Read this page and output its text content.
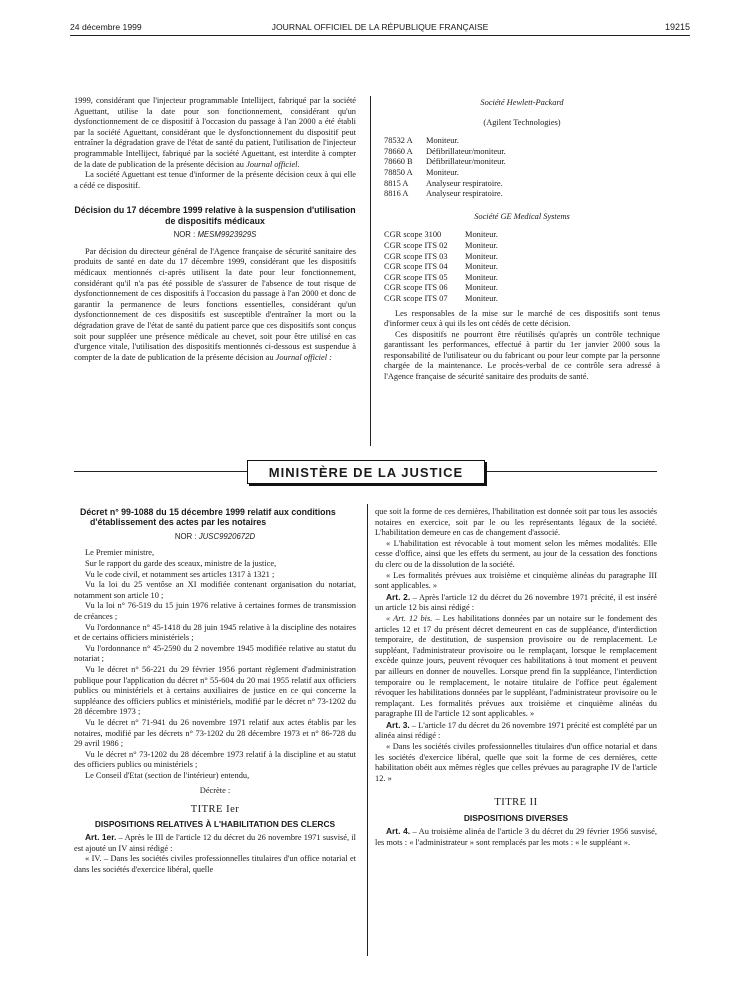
24 décembre 1999	JOURNAL OFFICIEL DE LA RÉPUBLIQUE FRANÇAISE	19215

1999, considérant que l'injecteur programmable Intelliject, fabriqué par la société Aguettant, utilise la date pour son fonctionnement, considérant qu'un dysfonctionnement de ce dispositif à l'occasion du passage à l'an 2000 a été établi par la société Aguettant, considérant que le dysfonctionnement du dispositif peut entraîner la dégradation grave de l'état de santé du patient, l'utilisation de l'injecteur programmable Intelliject, fabriqué par la société Aguettant, est interdite à compter de la date de publication de la présente décision au Journal officiel.

La société Aguettant est tenue d'informer de la présente décision ceux à qui elle a cédé ce dispositif.

Décision du 17 décembre 1999 relative à la suspension d'utilisation de dispositifs médicaux
NOR : MESM9923929S

Par décision du directeur général de l'Agence française de sécurité sanitaire des produits de santé en date du 17 décembre 1999, considérant que les dispositifs médicaux mentionnés ci-après utilisent la date pour leur fonctionnement, considérant qu'il n'a pas été possible de s'assurer de l'absence de tout risque de dysfonctionnement de ces dispositifs à l'occasion du passage à l'an 2000 et donc de garantir la permanence de leurs fonctions essentielles, considérant qu'un dysfonctionnement de ces dispositifs est susceptible d'entraîner la mort ou la dégradation grave de l'état de santé du patient parce que ces dispositifs sont conçus soit pour suppléer une présence médicale au chevet, soit pour être utilisé en cas d'urgence vitale, l'utilisation des dispositifs mentionnés ci-dessous est suspendue à compter de la date de publication de la présente décision au Journal officiel :

Société Hewlett-Packard

(Agilent Technologies)

78532 A	Moniteur.
78660 A	Défibrillateur/moniteur.
78660 B	Défibrillateur/moniteur.
78850 A	Moniteur.
8815 A	Analyseur respiratoire.
8816 A	Analyseur respiratoire.

Société GE Medical Systems

CGR scope 3100	Moniteur.
CGR scope ITS 02	Moniteur.
CGR scope ITS 03	Moniteur.
CGR scope ITS 04	Moniteur.
CGR scope ITS 05	Moniteur.
CGR scope ITS 06	Moniteur.
CGR scope ITS 07	Moniteur.

Les responsables de la mise sur le marché de ces dispositifs sont tenus d'informer ceux à qui ils les ont cédés de cette décision.

Ces dispositifs ne pourront être réutilisés qu'après un contrôle technique garantissant les performances, effectué à partir du 1er janvier 2000 sous la responsabilité de l'utilisateur ou du fabricant ou pour leur compte par la personne chargée de la maintenance. Le procès-verbal de ce contrôle sera adressé à l'Agence française de sécurité sanitaire des produits de santé.

MINISTÈRE DE LA JUSTICE
Décret n° 99-1088 du 15 décembre 1999 relatif aux conditions d'établissement des actes par les notaires
NOR : JUSC9920672D

Le Premier ministre,

Sur le rapport du garde des sceaux, ministre de la justice,

Vu le code civil, et notamment ses articles 1317 à 1321 ;

Vu la loi du 25 ventôse an XI modifiée contenant organisation du notariat, notamment son article 10 ;

Vu la loi n° 76-519 du 15 juin 1976 relative à certaines formes de transmission de créances ;

Vu l'ordonnance n° 45-1418 du 28 juin 1945 relative à la discipline des notaires et de certains officiers ministériels ;

Vu l'ordonnance n° 45-2590 du 2 novembre 1945 modifiée relative au statut du notariat ;

Vu le décret n° 56-221 du 29 février 1956 portant règlement d'administration publique pour l'application du décret n° 55-604 du 20 mai 1955 relatif aux officiers publics ou ministériels et à certains auxiliaires de justice en ce qui concerne la suppléance des officiers publics et ministériels, modifié par le décret n° 73-1202 du 28 décembre 1973 ;

Vu le décret n° 71-941 du 26 novembre 1971 relatif aux actes établis par les notaires, modifié par les décrets n° 73-1202 du 28 décembre 1973 et n° 86-728 du 29 avril 1986 ;

Vu le décret n° 73-1202 du 28 décembre 1973 relatif à la discipline et au statut des officiers publics ou ministériels ;

Le Conseil d'Etat (section de l'intérieur) entendu,

Décrète :

TITRE Ier
DISPOSITIONS RELATIVES À L'HABILITATION DES CLERCS

Art. 1er. – Après le III de l'article 12 du décret du 26 novembre 1971 susvisé, il est ajouté un IV ainsi rédigé :

« IV. – Dans les sociétés civiles professionnelles titulaires d'un office notarial et dans les sociétés d'exercice libéral, quelle

que soit la forme de ces dernières, l'habilitation est donnée soit par tous les associés notaires en exercice, soit par le ou les représentants légaux de la société. L'habilitation demeure en cas de changement d'associé.

« L'habilitation est révocable à tout moment selon les mêmes modalités. Elle cesse d'office, ainsi que les effets du serment, au jour de la cessation des fonctions du clerc ou de la dissolution de la société.

« Les formalités prévues aux troisième et cinquième alinéas du paragraphe III sont applicables. »

Art. 2. – Après l'article 12 du décret du 26 novembre 1971 précité, il est inséré un article 12 bis ainsi rédigé :

« Art. 12 bis. – Les habilitations données par un notaire sur le fondement des articles 12 et 17 du présent décret demeurent en cas de suppléance, d'interdiction temporaire, de destitution, de suspension provisoire ou de remplacement. Le suppléant, l'administrateur provisoire ou le remplaçant, lorsque le remplacement excède quinze jours, peuvent révoquer ces habilitations à tout moment et peuvent par ailleurs en donner de nouvelles. Lorsque prend fin la suppléance, l'interdiction temporaire ou le remplacement, le notaire titulaire de l'office peut également révoquer les habilitations données par le suppléant, l'administrateur provisoire ou le remplaçant. Les formalités prévues aux troisième et cinquième alinéas du paragraphe III de l'article 12 sont applicables. »

Art. 3. – L'article 17 du décret du 26 novembre 1971 précité est complété par un alinéa ainsi rédigé :

« Dans les sociétés civiles professionnelles titulaires d'un office notarial et dans les sociétés d'exercice libéral, quelle que soit la forme de ces dernières, cette habilitation obéit aux mêmes règles que celles prévues au paragraphe IV de l'article 12. »

TITRE II
DISPOSITIONS DIVERSES

Art. 4. – Au troisième alinéa de l'article 3 du décret du 29 février 1956 susvisé, les mots : « l'administrateur » sont remplacés par les mots : « le suppléant ».
